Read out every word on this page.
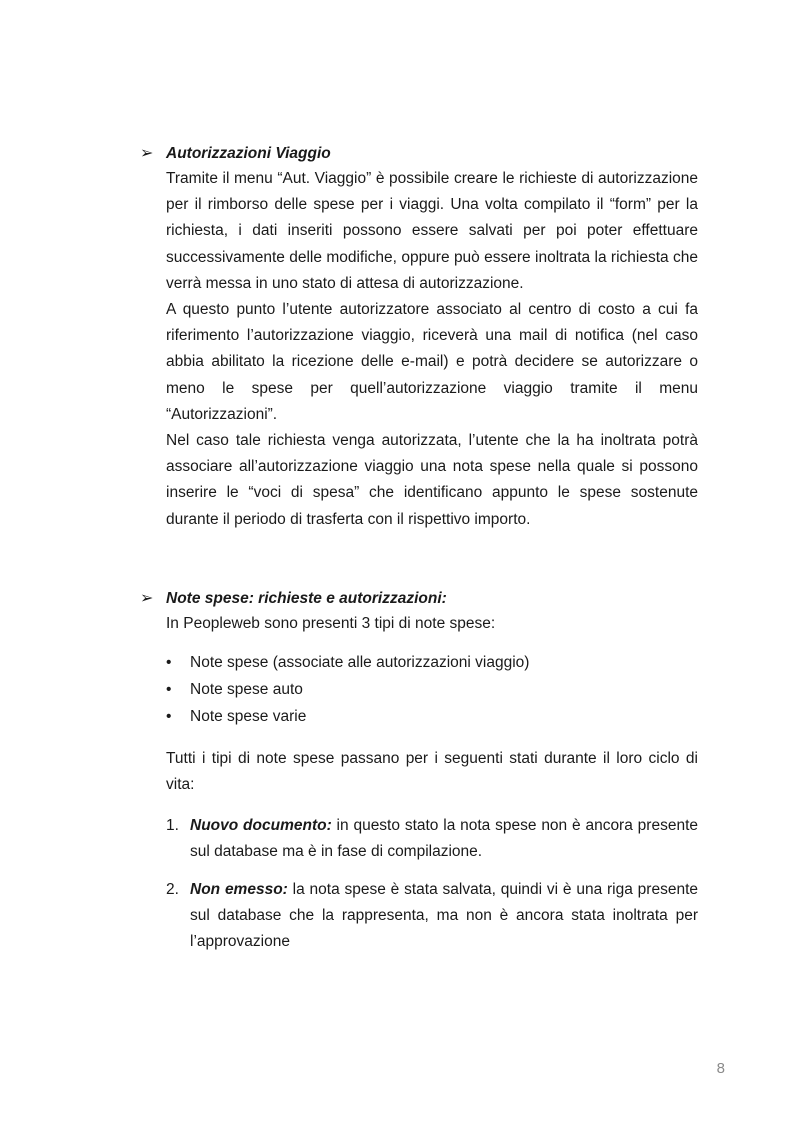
➢ Autorizzazioni Viaggio

Tramite il menu “Aut. Viaggio” è possibile creare le richieste di autorizzazione per il rimborso delle spese per i viaggi. Una volta compilato il “form” per la richiesta, i dati inseriti possono essere salvati per poi poter effettuare successivamente delle modifiche, oppure può essere inoltrata la richiesta che verrà messa in uno stato di attesa di autorizzazione.

A questo punto l’utente autorizzatore associato al centro di costo a cui fa riferimento l’autorizzazione viaggio, riceverà una mail di notifica (nel caso abbia abilitato la ricezione delle e-mail) e potrà decidere se autorizzare o meno le spese per quell’autorizzazione viaggio tramite il menu “Autorizzazioni”.

Nel caso tale richiesta venga autorizzata, l’utente che la ha inoltrata potrà associare all’autorizzazione viaggio una nota spese nella quale si possono inserire le “voci di spesa” che identificano appunto le spese sostenute durante il periodo di trasferta con il rispettivo importo.

➢ Note spese: richieste e autorizzazioni:

In Peopleweb sono presenti 3 tipi di note spese:

• Note spese (associate alle autorizzazioni viaggio)
• Note spese auto
• Note spese varie

Tutti i tipi di note spese passano per i seguenti stati durante il loro ciclo di vita:

1. Nuovo documento: in questo stato la nota spese non è ancora presente sul database ma è in fase di compilazione.
2. Non emesso: la nota spese è stata salvata, quindi vi è una riga presente sul database che la rappresenta, ma non è ancora stata inoltrata per l’approvazione
8
